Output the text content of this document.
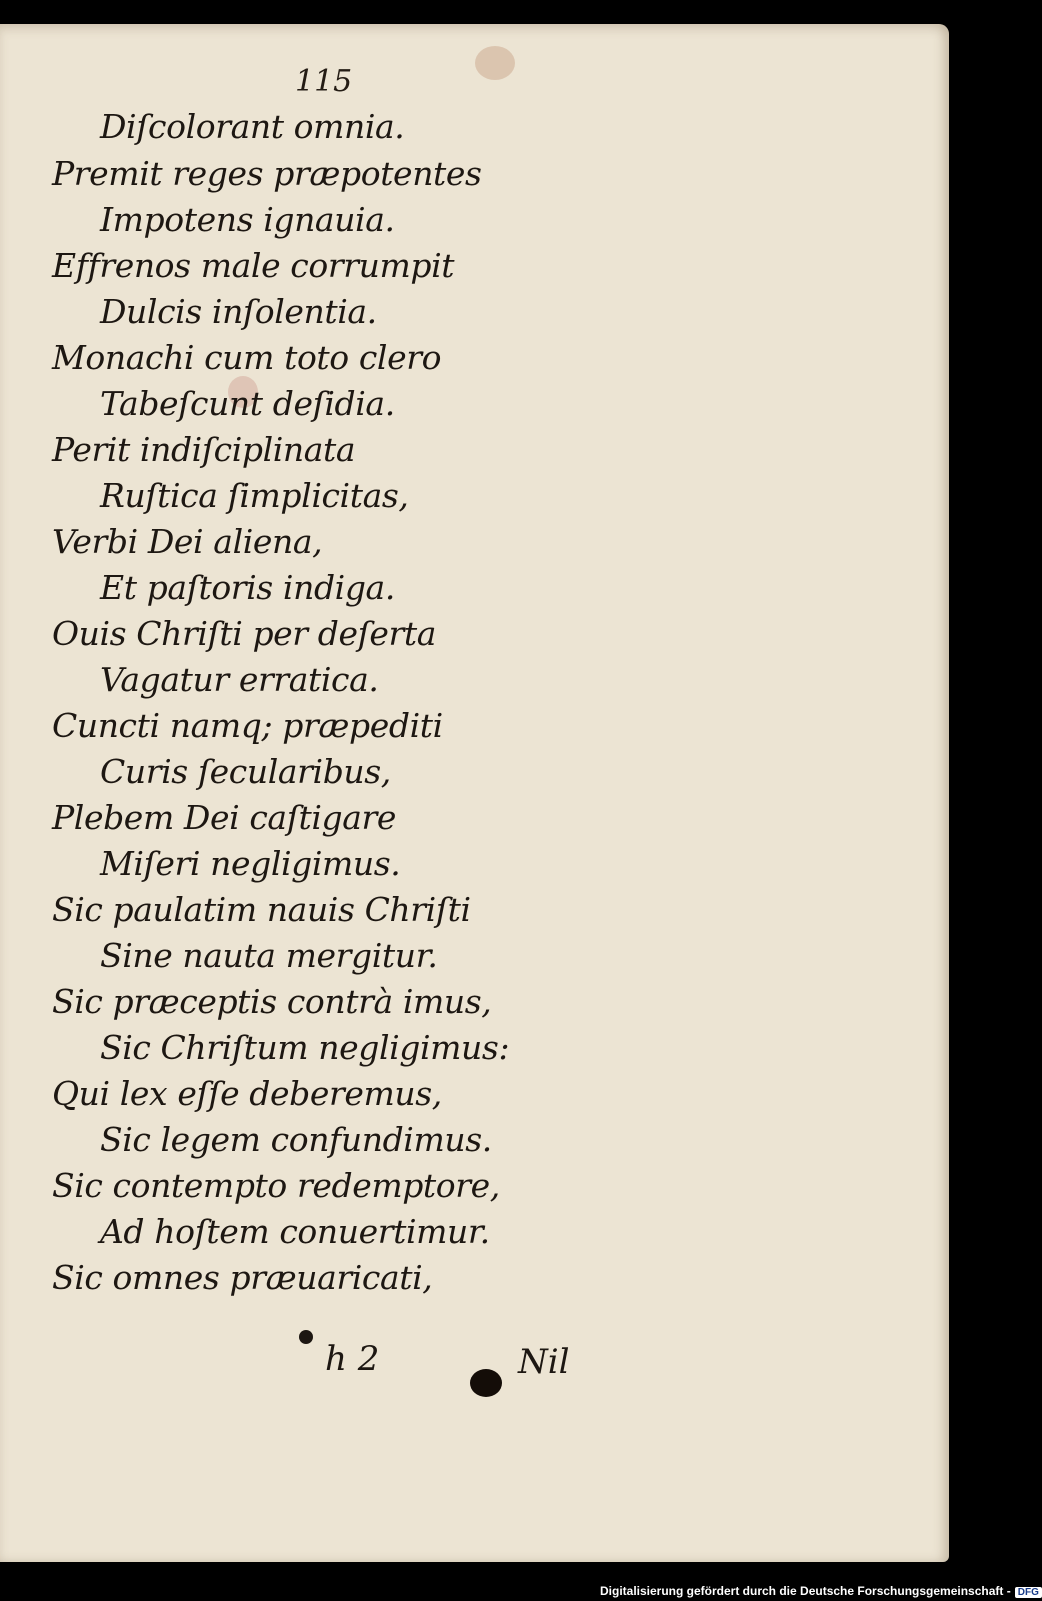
115
Diſcolorant omnia.
Premit reges præpotentes
Impotens ignauia.
Effrenos male corrumpit
Dulcis inſolentia.
Monachi cum toto clero
Tabeſcunt deſidia.
Perit indiſciplinata
Ruſtica ſimplicitas,
Verbi Dei aliena,
Et paſtoris indiga.
Ouis Chriſti per deſerta
Vagatur erratica.
Cuncti namq; præpediti
Curis ſecularibus,
Plebem Dei caſtigare
Miſeri negligimus.
Sic paulatim nauis Chriſti
Sine nauta mergitur.
Sic præceptis contrà imus,
Sic Chriſtum negligimus:
Qui lex eſſe deberemus,
Sic legem confundimus.
Sic contempto redemptore,
Ad hoſtem conuertimur.
Sic omnes præuaricati,
h 2	Nil
Digitalisierung gefördert durch die Deutsche Forschungsgemeinschaft - DFG
